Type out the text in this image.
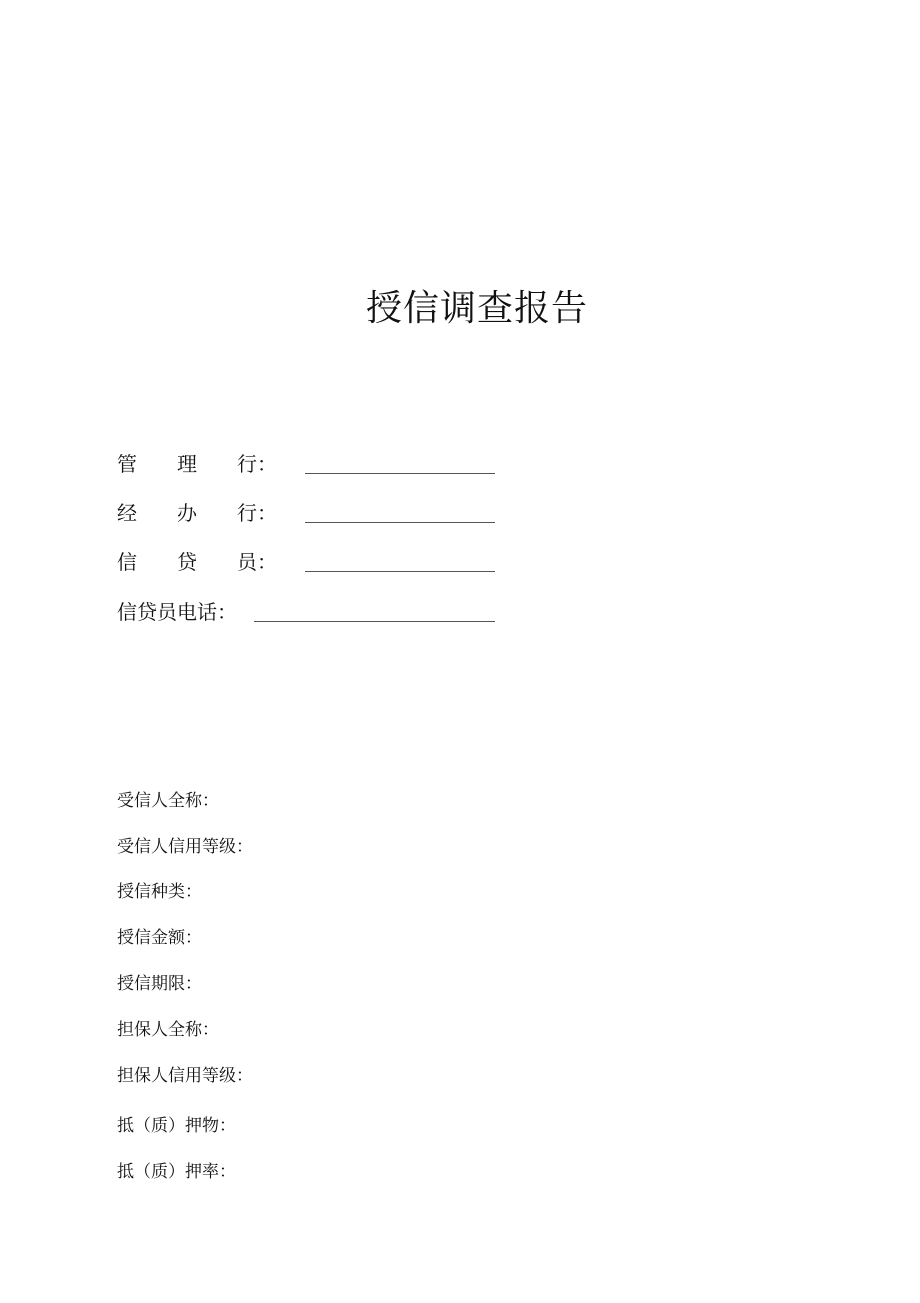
授信调查报告
管　　理　　行：
经　　办　　行：
信　　贷　　员：
信贷员电话：
受信人全称：
受信人信用等级：
授信种类：
授信金额：
授信期限：
担保人全称：
担保人信用等级：
抵（质）押物：
抵（质）押率：
